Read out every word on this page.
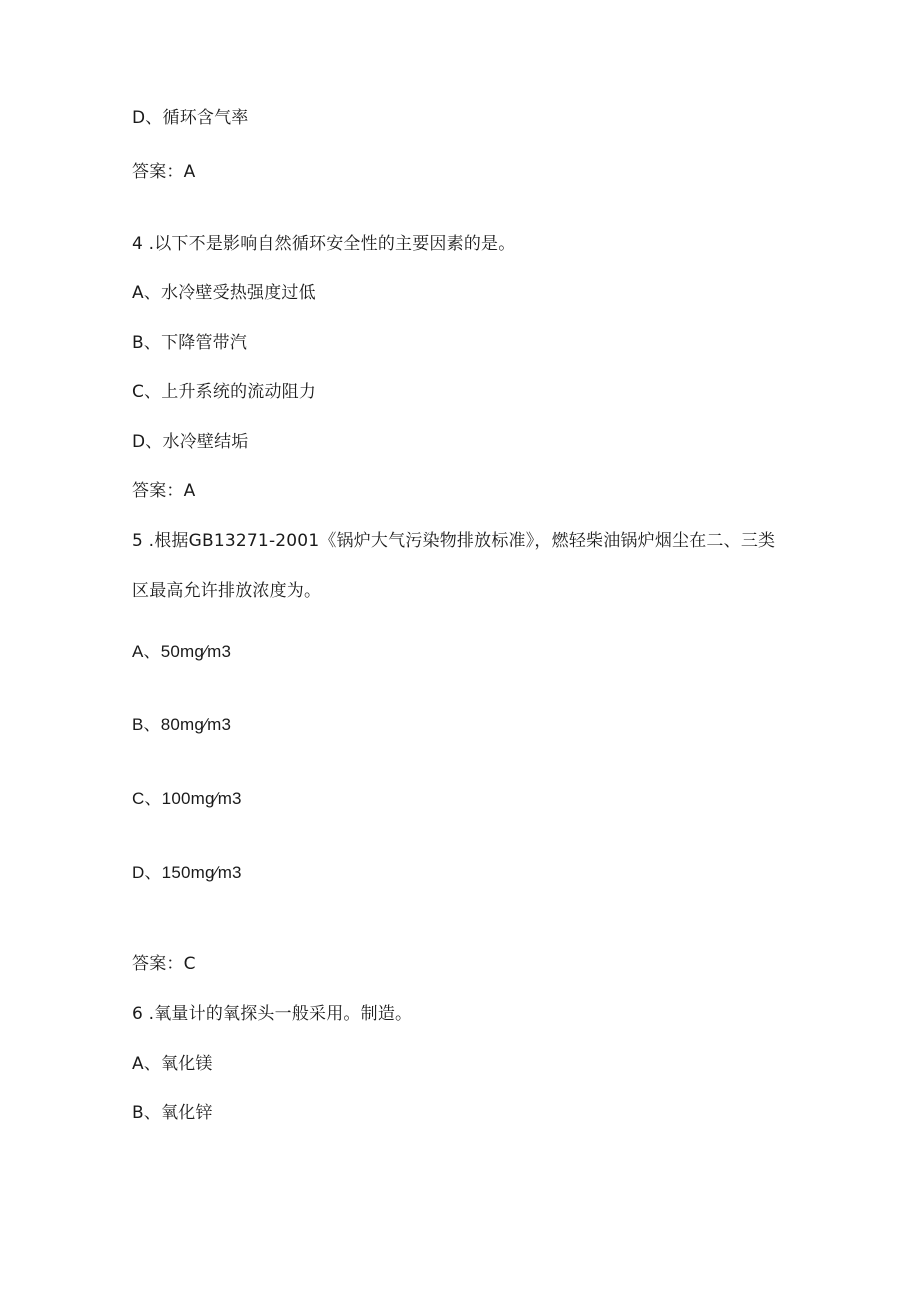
D、循环含气率
答案：A
4 .以下不是影响自然循环安全性的主要因素的是。
A、水冷壁受热强度过低
B、下降管带汽
C、上升系统的流动阻力
D、水冷壁结垢
答案：A
5 .根据GB13271-2001《锅炉大气污染物排放标准》，燃轻柴油锅炉烟尘在二、三类
区最高允许排放浓度为。
A、50mg∕m3
B、80mg∕m3
C、100mg∕m3
D、150mg∕m3
答案：C
6 .氧量计的氧探头一般采用。制造。
A、氧化镁
B、氧化锌
